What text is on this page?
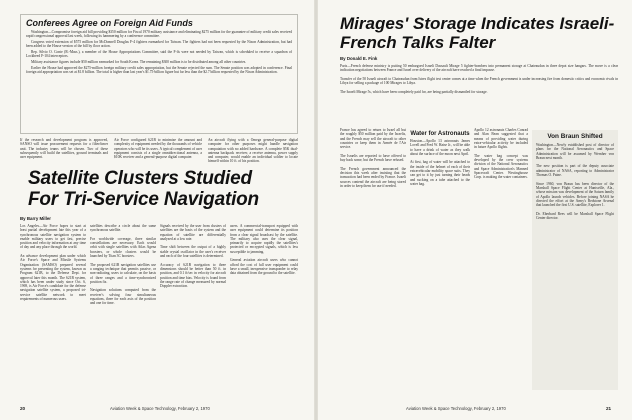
Conferees Agree on Foreign Aid Funds

Washington—Compromise foreign aid bill providing $350 million for Fiscal 1970 military assistance and eliminating $275 million for the guarantee of military credit sales received rapid congressional approval last week, following its hammering by a conference committee.

Congress voted extension of $575 million for McDonnell Douglas F-4 fighters earmarked for Taiwan. The fighters had not been requested by the Nixon Administration, but had been added to the House version of the bill by floor action.

Rep. Silvio O. Conte (R.-Mass.), a member of the House Appropriations Committee, said the F-4s were not needed by Taiwan, which is scheduled to receive a squadron of Lockheed F-104 interceptors.

Military assistance figures include $50 million earmarked for South Korea. The remaining $300 million is to be distributed among all other countries.

Earlier the House had approved the $275-million foreign military credit sales appropriation, but the Senate rejected the sum. The Senate position was adopted in conference. Final foreign aid appropriation was set at $1.8 billion. The total is higher than last year's $1.75-billion figure but far less than the $2.7 billion requested by the Nixon Administration.

If the research and development program is approved, SANSO will issue procurement requests for a filter/timer unit. The industry teams will be chosen. Two of these subsequently will build the satellites, ground terminals and user equipment.
Air Force configured 621B to minimize the amount and complexity of equipment needed by the thousands of vehicle operators who will be its users. A typical complement of user equipment consists of a single omnidirectional antenna, a $10K receiver and a general-purpose digital computer.
An aircraft flying with a Omega general-purpose digital computer for other purposes might handle navigation computation with no added hardware. A complete $5K dual-antenna backpack receiver, a receive antenna, power supply and computer, would enable an individual soldier to locate himself within 10 ft. of his position.
Satellite Clusters Studied For Tri-Service Navigation
By Barry Miller
Los Angeles—Air Force hopes to start at least partial development late this year of a synchronous satellite navigation system to enable military users to get fast, precise position and velocity information at any time of day and any place through the world.

An advance development plan under which Air Force's Space and Missile Systems Organization (SAMSO) prepared several systems for presenting the system, known as Program 621B, to the Defense Dept. for approval later this month. The 621B system, which has been under study since Oct. 6, 1969, is Air Force's candidate for the defense navigation satellite system, a proposed tri-service satellite network to meet requirements of numerous users.
satellites describe a circle about the same synchronous satellite.

For worldwide coverage, three similar constellations are necessary. Each would orbit with single satellites with Atlas Agena boosters, or whole clusters would be launched by Titan 3C boosters.

The proposed 621B navigation satellites use a ranging technique that permits passive, or non-radiating, users to calculate, on the basis of three ranges and a time-synchronized position fix.

Navigation solutions computed from the receiver's solving four simultaneous equations, three for each axis of the position and one for time.
Signals received by the user from clusters of satellites are the basis of the system and the equation of satellite are differentially analyzed at a low rate.

Time shift between the output of a highly stable crystal oscillator in the user's receiver and each of the four satellites is determined.

Accuracy of 621B navigation to three dimensions should be better than 50 ft. in position, and 0.1 ft/sec in velocity for aircraft position and time bias. Velocity is found from the range rate of change measured by normal Doppler extraction.
users. A commercial-transport equipped with user equipment could determine its position from a clear signal broadcast by the satellite. The military also uses the clear signal, primarily to acquire rapidly the satellites's protected or encrypted signals, which is less susceptible to jamming.

General aviation aircraft users who cannot afford the cost of full user equipment could have a small, inexpensive transponder to relay data obtained from the ground to the satellite.
20	Aviation Week & Space Technology, February 2, 1970
Mirages' Storage Indicates Israeli-French Talks Falter
By Donald E. Fink
Paris—French defense ministry is putting 50 embargoed Israeli Dassault Mirage 5 fighter-bombers into permanent storage at Chateaudun in three depot size hangars. The move is a clear indication negotiations between France and Israel over delivery of the aircraft have reached a final impasse.

Transfer of the 50 Israeli aircraft to Chateaudun from Istres flight test center comes at a time when the French government is under increasing fire from domestic critics and economic rivals in Libya for selling a package of 100 Mirages to Libya.

The Israeli Mirage 5s, which have been completely paid for, are being partially dismantled for storage.
France has agreed to return to Israel all but the roughly $50 million paid by the Israelis, and the French may sell the aircraft to other countries or keep them in Armée de l'Air service.

The Israelis are reported to have offered to buy back some, but the French have refused.

The French government announced the decision this week after insisting that the transaction had been ended by France. Israeli sources contend the aircraft are being stored in order to keep them for use if needed.
Water for Astronauts
Houston—Apollo 13 astronauts James Lovell and Fred W. Haise Jr., will be able to have a drink of water as they walk about the surface of the moon next April.

At first, bag of water will be attached to the inside of the helmet of each of their extravehicular mobility space suits. They can get to it by just turning their heads and sucking on a tube attached to the water bag.
Apollo 12 astronauts Charles Conrad and Alan Bean suggested that a means of providing water during extra-vehicular activity be included in future Apollo flights.

The water bag concept was developed by the crew systems division of the National Aeronautics and Space Administration's Manned Spacecraft Center. Westinghouse Corp. is making the water containers.
Von Braun Shifted
Washington—Newly established post of director of plans for the National Aeronautics and Space Administration will be assumed by Wernher von Braun next month.

The new position is part of the deputy associate administrator of NASA, reporting to Administrator Thomas O. Paine.

Since 1960, von Braun has been director of the Marshall Space Flight Center at Huntsville, Ala., whose mission was development of the Saturn family of Apollo launch vehicles. Before joining NASA he directed the effort at the Army's Redstone Arsenal that launched the first U.S. satellite, Explorer 1.

Dr. Eberhard Rees will be Marshall Space Flight Center director.
Aviation Week & Space Technology, February 2, 1970	21
